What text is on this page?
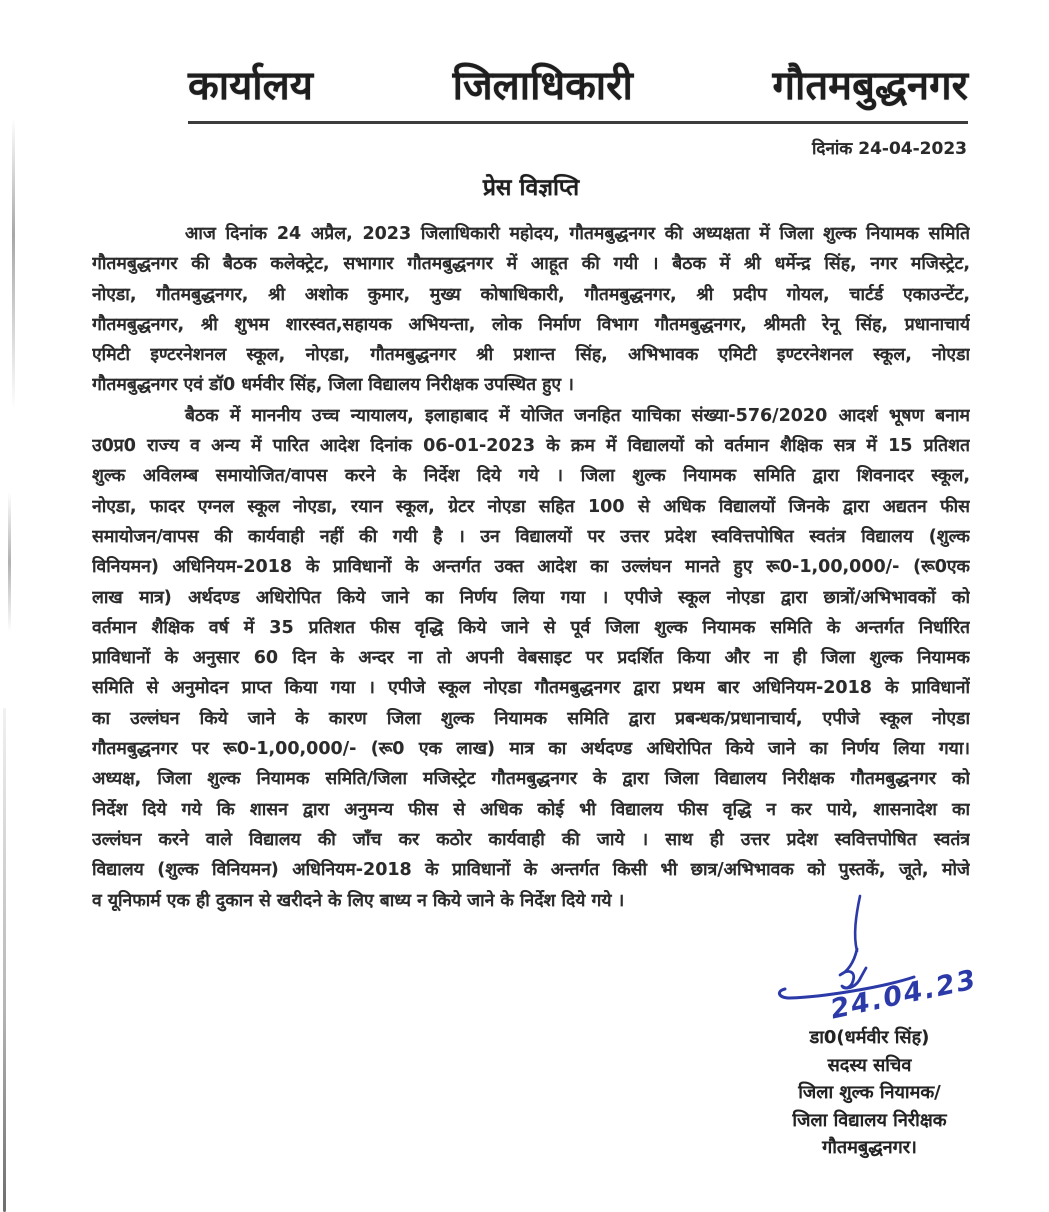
कार्यालय	जिलाधिकारी	गौतमबुद्धनगर
दिनांक 24-04-2023
प्रेस विज्ञप्ति
आज दिनांक 24 अप्रैल, 2023 जिलाधिकारी महोदय, गौतमबुद्धनगर की अध्यक्षता में जिला शुल्क नियामक समिति
गौतमबुद्धनगर की बैठक कलेक्ट्रेट, सभागार गौतमबुद्धनगर में आहूत की गयी । बैठक में श्री धर्मेन्द्र सिंह, नगर मजिस्ट्रेट,
नोएडा, गौतमबुद्धनगर, श्री अशोक कुमार, मुख्य कोषाधिकारी, गौतमबुद्धनगर, श्री प्रदीप गोयल, चार्टर्ड एकाउन्टेंट,
गौतमबुद्धनगर, श्री शुभम शारस्वत,सहायक अभियन्ता, लोक निर्माण विभाग गौतमबुद्धनगर, श्रीमती रेनू सिंह, प्रधानाचार्य
एमिटी इण्टरनेशनल स्कूल, नोएडा, गौतमबुद्धनगर श्री प्रशान्त सिंह, अभिभावक एमिटी इण्टरनेशनल स्कूल, नोएडा
गौतमबुद्धनगर एवं डॉ0 धर्मवीर सिंह, जिला विद्यालय निरीक्षक उपस्थित हुए ।
बैठक में माननीय उच्च न्यायालय, इलाहाबाद में योजित जनहित याचिका संख्या-576/2020 आदर्श भूषण बनाम
उ0प्र0 राज्य व अन्य में पारित आदेश दिनांक 06-01-2023 के क्रम में विद्यालयों को वर्तमान शैक्षिक सत्र में 15 प्रतिशत
शुल्क अविलम्ब समायोजित/वापस करने के निर्देश दिये गये । जिला शुल्क नियामक समिति द्वारा शिवनादर स्कूल,
नोएडा, फादर एग्नल स्कूल नोएडा, रयान स्कूल, ग्रेटर नोएडा सहित 100 से अधिक विद्यालयों जिनके द्वारा अद्यतन फीस
समायोजन/वापस की कार्यवाही नहीं की गयी है । उन विद्यालयों पर उत्तर प्रदेश स्ववित्तपोषित स्वतंत्र विद्यालय (शुल्क
विनियमन) अधिनियम-2018 के प्राविधानों के अन्तर्गत उक्त आदेश का उल्लंघन मानते हुए रू0-1,00,000/- (रू0एक
लाख मात्र) अर्थदण्ड अधिरोपित किये जाने का निर्णय लिया गया । एपीजे स्कूल नोएडा द्वारा छात्रों/अभिभावकों को
वर्तमान शैक्षिक वर्ष में 35 प्रतिशत फीस वृद्धि किये जाने से पूर्व जिला शुल्क नियामक समिति के अन्तर्गत निर्धारित
प्राविधानों के अनुसार 60 दिन के अन्दर ना तो अपनी वेबसाइट पर प्रदर्शित किया और ना ही जिला शुल्क नियामक
समिति से अनुमोदन प्राप्त किया गया । एपीजे स्कूल नोएडा गौतमबुद्धनगर द्वारा प्रथम बार अधिनियम-2018 के प्राविधानों
का उल्लंघन किये जाने के कारण जिला शुल्क नियामक समिति द्वारा प्रबन्धक/प्रधानाचार्य, एपीजे स्कूल नोएडा
गौतमबुद्धनगर पर रू0-1,00,000/- (रू0 एक लाख) मात्र का अर्थदण्ड अधिरोपित किये जाने का निर्णय लिया गया।
अध्यक्ष, जिला शुल्क नियामक समिति/जिला मजिस्ट्रेट गौतमबुद्धनगर के द्वारा जिला विद्यालय निरीक्षक गौतमबुद्धनगर को
निर्देश दिये गये कि शासन द्वारा अनुमन्य फीस से अधिक कोई भी विद्यालय फीस वृद्धि न कर पाये, शासनादेश का
उल्लंघन करने वाले विद्यालय की जाँच कर कठोर कार्यवाही की जाये । साथ ही उत्तर प्रदेश स्ववित्तपोषित स्वतंत्र
विद्यालय (शुल्क विनियमन) अधिनियम-2018 के प्राविधानों के अन्तर्गत किसी भी छात्र/अभिभावक को पुस्तकें, जूते, मोजे
व यूनिफार्म एक ही दुकान से खरीदने के लिए बाध्य न किये जाने के निर्देश दिये गये ।
24.04.23
डा0(धर्मवीर सिंह)
सदस्य सचिव
जिला शुल्क नियामक/
जिला विद्यालय निरीक्षक
गौतमबुद्धनगर।
